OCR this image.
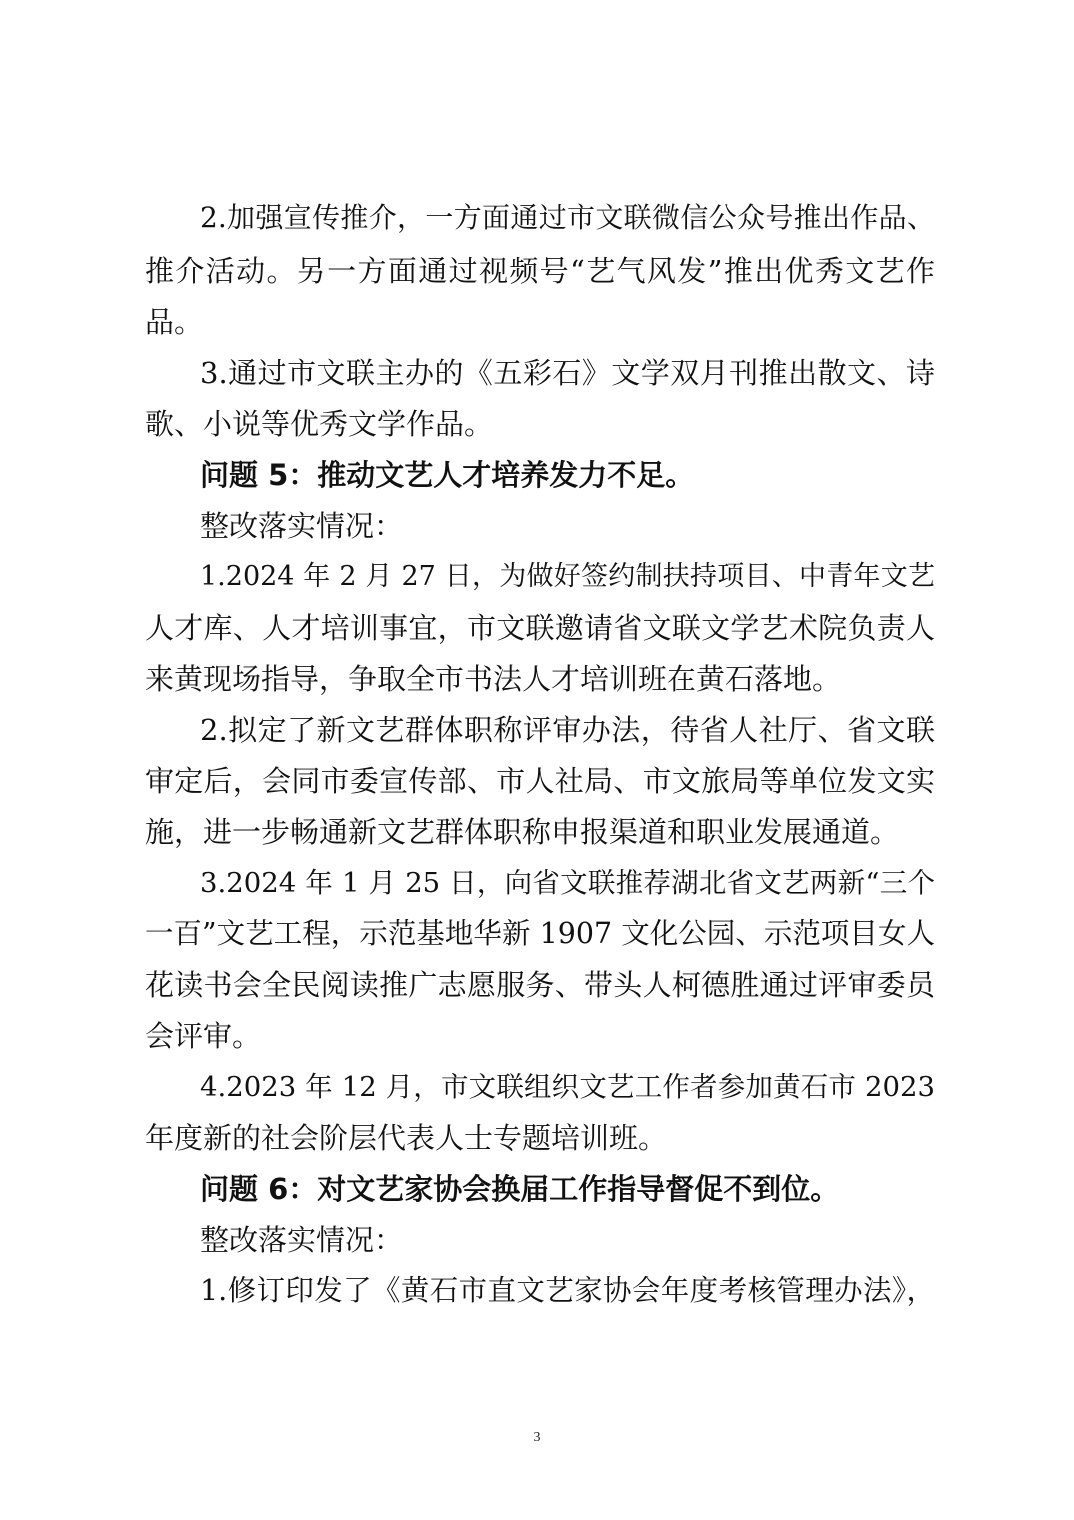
2.加强宣传推介，一方面通过市文联微信公众号推出作品、
推介活动。另一方面通过视频号“艺气风发”推出优秀文艺作
品。
3.通过市文联主办的《五彩石》文学双月刊推出散文、诗
歌、小说等优秀文学作品。
问题 5：推动文艺人才培养发力不足。
整改落实情况：
1.2024 年 2 月 27 日，为做好签约制扶持项目、中青年文艺
人才库、人才培训事宜，市文联邀请省文联文学艺术院负责人
来黄现场指导，争取全市书法人才培训班在黄石落地。
2.拟定了新文艺群体职称评审办法，待省人社厅、省文联
审定后，会同市委宣传部、市人社局、市文旅局等单位发文实
施，进一步畅通新文艺群体职称申报渠道和职业发展通道。
3.2024 年 1 月 25 日，向省文联推荐湖北省文艺两新“三个
一百”文艺工程，示范基地华新 1907 文化公园、示范项目女人
花读书会全民阅读推广志愿服务、带头人柯德胜通过评审委员
会评审。
4.2023 年 12 月，市文联组织文艺工作者参加黄石市 2023
年度新的社会阶层代表人士专题培训班。
问题 6：对文艺家协会换届工作指导督促不到位。
整改落实情况：
1.修订印发了《黄石市直文艺家协会年度考核管理办法》，
3
